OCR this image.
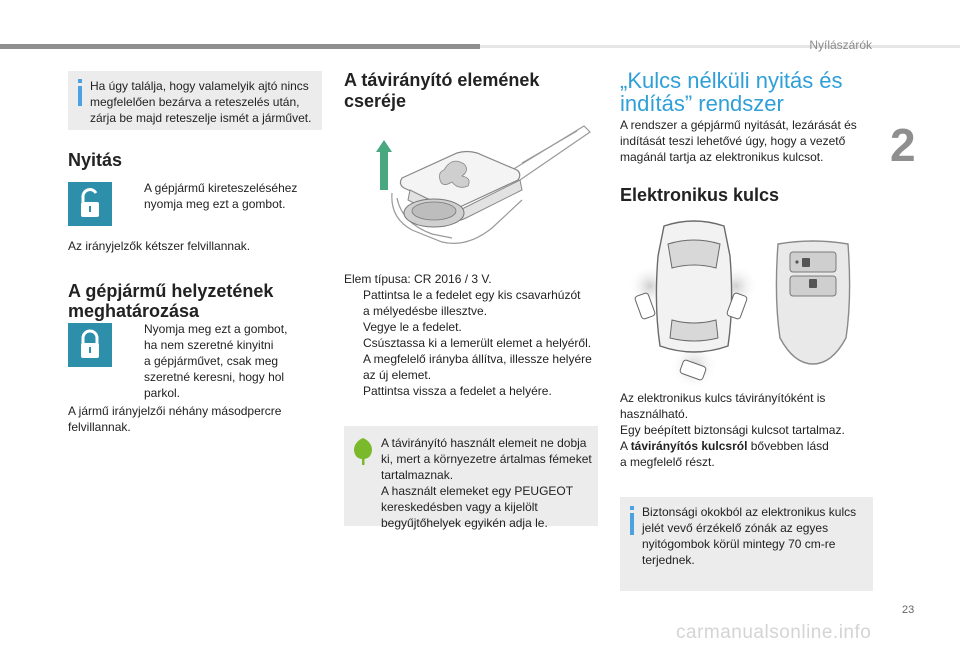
Nyílászárók
2
Ha úgy találja, hogy valamelyik ajtó nincs
megfelelően bezárva a reteszelés után,
zárja be majd reteszelje ismét a járművet.
Nyitás
A gépjármű kireteszeléséhez
nyomja meg ezt a gombot.
Az irányjelzők kétszer felvillannak.
A gépjármű helyzetének
meghatározása
Nyomja meg ezt a gombot,
ha nem szeretné kinyitni
a gépjárművet, csak meg
szeretné keresni, hogy hol
parkol.
A jármű irányjelzői néhány másodpercre
felvillannak.
A távirányító elemének
cseréje
Elem típusa: CR 2016 / 3 V.
Pattintsa le a fedelet egy kis csavarhúzót
a mélyedésbe illesztve.
Vegye le a fedelet.
Csúsztassa ki a lemerült elemet a helyéről.
A megfelelő irányba állítva, illessze helyére
az új elemet.
Pattintsa vissza a fedelet a helyére.
A távirányító használt elemeit ne dobja
ki, mert a környezetre ártalmas fémeket
tartalmaznak.
A használt elemeket egy PEUGEOT
kereskedésben vagy a kijelölt
begyűjtőhelyek egyikén adja le.
„Kulcs nélküli nyitás és
indítás” rendszer
A rendszer a gépjármű nyitását, lezárását és
indítását teszi lehetővé úgy, hogy a vezető
magánál tartja az elektronikus kulcsot.
Elektronikus kulcs
Az elektronikus kulcs távirányítóként is
használható.
Egy beépített biztonsági kulcsot tartalmaz.
A távirányítós kulcsról bővebben lásd
a megfelelő részt.
Biztonsági okokból az elektronikus kulcs
jelét vevő érzékelő zónák az egyes
nyitógombok körül mintegy 70 cm-re
terjednek.
23
carmanualsonline.info
